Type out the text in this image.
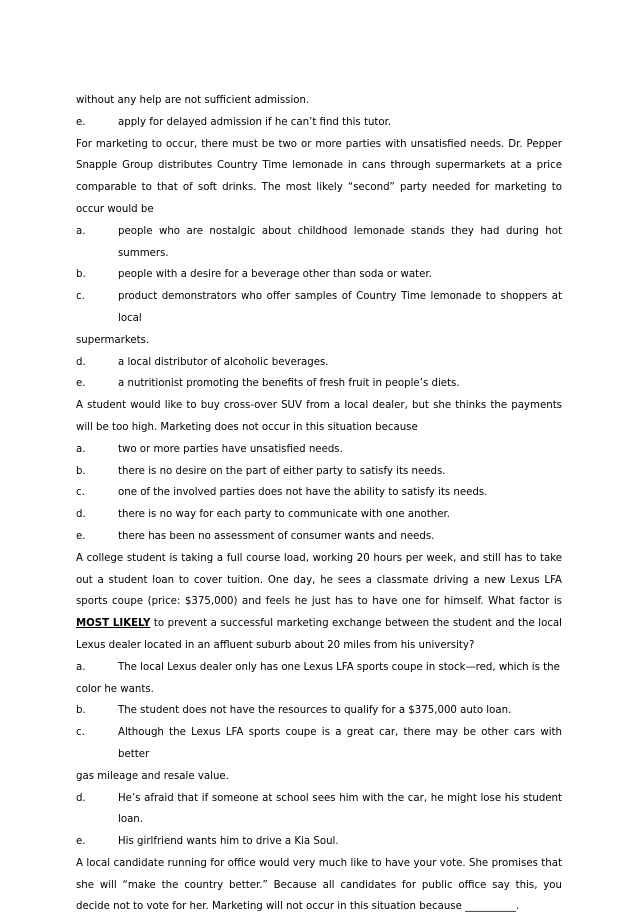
without any help are not sufficient admission.

e.	apply for delayed admission if he can’t find this tutor.

For marketing to occur, there must be two or more parties with unsatisfied needs. Dr. Pepper Snapple Group distributes Country Time lemonade in cans through supermarkets at a price comparable to that of soft drinks. The most likely “second” party needed for marketing to occur would be

a.	people who are nostalgic about childhood lemonade stands they had during hot summers.
b.	people with a desire for a beverage other than soda or water.
c.	product demonstrators who offer samples of Country Time lemonade to shoppers at local

supermarkets.

d.	a local distributor of alcoholic beverages.
e.	a nutritionist promoting the benefits of fresh fruit in people’s diets.

A student would like to buy cross-over SUV from a local dealer, but she thinks the payments will be too high. Marketing does not occur in this situation because

a.	two or more parties have unsatisfied needs.
b.	there is no desire on the part of either party to satisfy its needs.
c.	one of the involved parties does not have the ability to satisfy its needs.
d.	there is no way for each party to communicate with one another.
e.	there has been no assessment of consumer wants and needs.

A college student is taking a full course load, working 20 hours per week, and still has to take out a student loan to cover tuition. One day, he sees a classmate driving a new Lexus LFA sports coupe (price: $375,000) and feels he just has to have one for himself. What factor is MOST LIKELY to prevent a successful marketing exchange between the student and the local Lexus dealer located in an affluent suburb about 20 miles from his university?

a.	The local Lexus dealer only has one Lexus LFA sports coupe in stock—red, which is the

color he wants.

b.	The student does not have the resources to qualify for a $375,000 auto loan.
c.	Although the Lexus LFA sports coupe is a great car, there may be other cars with better

gas mileage and resale value.

d.	He’s afraid that if someone at school sees him with the car, he might lose his student loan.
e.	His girlfriend wants him to drive a Kia Soul.

A local candidate running for office would very much like to have your vote. She promises that she will “make the country better.” Because all candidates for public office say this, you decide not to vote for her. Marketing will not occur in this situation because __________.
